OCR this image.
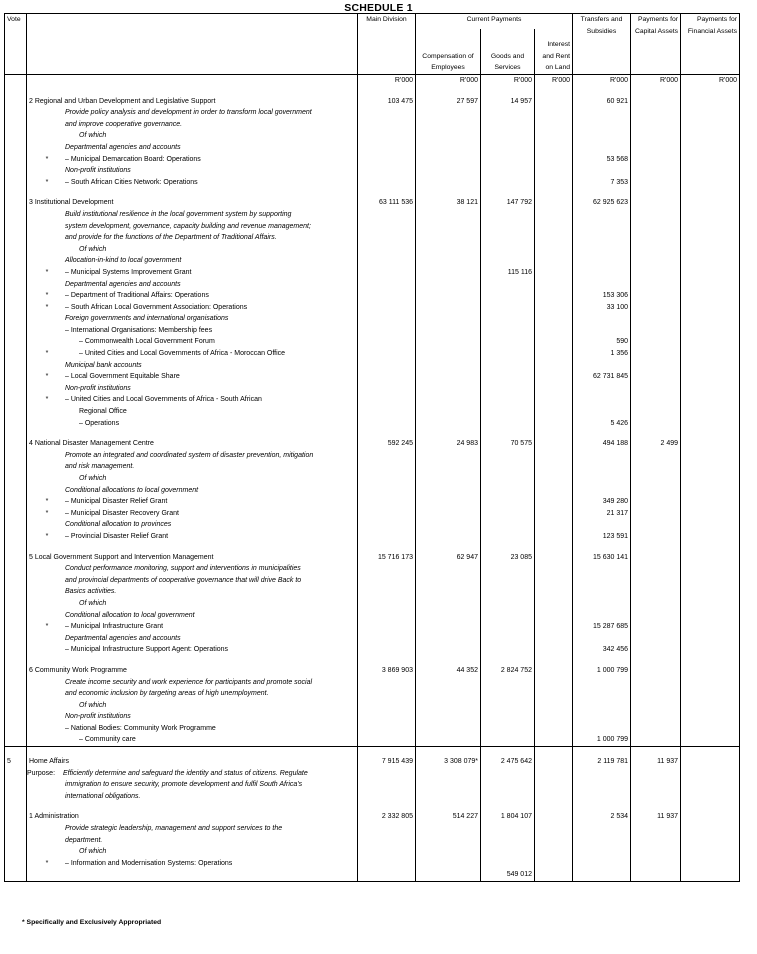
SCHEDULE 1
Vote		Main Division	Current Payments			Transfers and Subsidies	Payments for Capital Assets	Payments for Financial Assets
			Compensation of Employees	Goods and Services	Interest and Rent on Land			
		R'000	R'000	R'000	R'000	R'000	R'000	R'000

	2 Regional and Urban Development and Legislative Support	103 475	27 597	14 957		60 921		
	Provide policy analysis and development in order to transform local government							
	and improve cooperative governance.							
	Of which							
	Departmental agencies and accounts							
	* – Municipal Demarcation Board: Operations					53 568		
	Non-profit institutions							
	* – South African Cities Network: Operations					7 353		

	3 Institutional Development	63 111 536	38 121	147 792		62 925 623		
	Build institutional resilience in the local government system by supporting							
	system development, governance, capacity building and revenue management;							
	and provide for the functions of the Department of Traditional Affairs.							
	Of which							
	Allocation-in-kind to local government							
	* – Municipal Systems Improvement Grant			115 116				
	Departmental agencies and accounts							
	* – Department of Traditional Affairs: Operations					153 306		
	* – South African Local Government Association: Operations					33 100		
	Foreign governments and international organisations							
	– International Organisations: Membership fees							
	– Commonwealth Local Government Forum					590		
	* – United Cities and Local Governments of Africa - Moroccan Office					1 356		
	Municipal bank accounts							
	* – Local Government Equitable Share					62 731 845		
	Non-profit institutions							
	* – United Cities and Local Governments of Africa - South African							
	Regional Office							
	– Operations					5 426		

	4 National Disaster Management Centre	592 245	24 983	70 575		494 188	2 499	
	Promote an integrated and coordinated system of disaster prevention, mitigation							
	and risk management.							
	Of which							
	Conditional allocations to local government							
	* – Municipal Disaster Relief Grant					349 280		
	* – Municipal Disaster Recovery Grant					21 317		
	Conditional allocation to provinces							
	* – Provincial Disaster Relief Grant					123 591		

	5 Local Government Support and Intervention Management	15 716 173	62 947	23 085		15 630 141		
	Conduct performance monitoring, support and interventions in municipalities							
	and provincial departments of cooperative governance that will drive Back to							
	Basics activities.							
	Of which							
	Conditional allocation to local government							
	* – Municipal Infrastructure Grant					15 287 685		
	Departmental agencies and accounts							
	– Municipal Infrastructure Support Agent: Operations					342 456		

	6 Community Work Programme	3 869 903	44 352	2 824 752		1 000 799		
	Create income security and work experience for participants and promote social							
	and economic inclusion by targeting areas of high unemployment.							
	Of which							
	Non-profit institutions							
	– National Bodies: Community Work Programme							
	– Community care					1 000 799		

5	Home Affairs	7 915 439	3 308 079*	2 475 642		2 119 781	11 937	
	Purpose: Efficiently determine and safeguard the identity and status of citizens. Regulate							
	immigration to ensure security, promote development and fulfil South Africa's							
	international obligations.							

	1 Administration	2 332 805	514 227	1 804 107		2 534	11 937	
	Provide strategic leadership, management and support services to the							
	department.							
	Of which							
	* – Information and Modernisation Systems: Operations							
				549 012				
* Specifically and Exclusively Appropriated
